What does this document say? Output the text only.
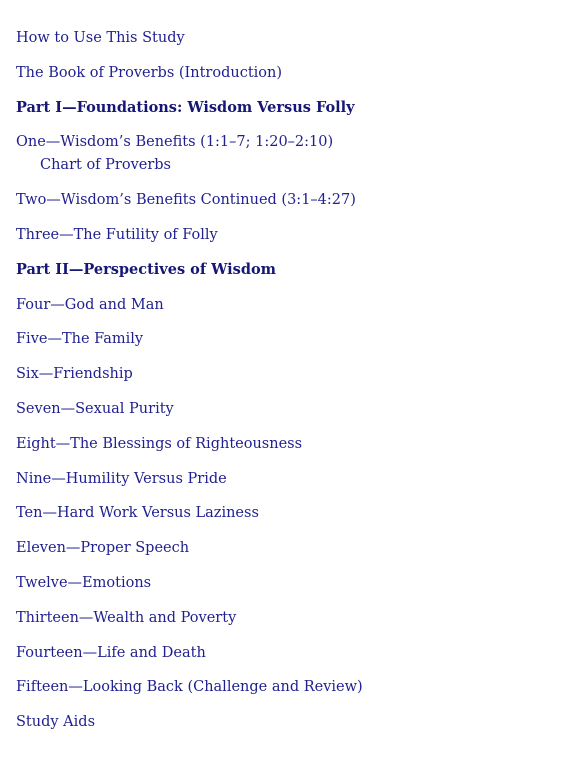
How to Use This Study
The Book of Proverbs (Introduction)
Part I—Foundations: Wisdom Versus Folly
One—Wisdom’s Benefits (1:1–7; 1:20–2:10)
Chart of Proverbs
Two—Wisdom’s Benefits Continued (3:1–4:27)
Three—The Futility of Folly
Part II—Perspectives of Wisdom
Four—God and Man
Five—The Family
Six—Friendship
Seven—Sexual Purity
Eight—The Blessings of Righteousness
Nine—Humility Versus Pride
Ten—Hard Work Versus Laziness
Eleven—Proper Speech
Twelve—Emotions
Thirteen—Wealth and Poverty
Fourteen—Life and Death
Fifteen—Looking Back (Challenge and Review)
Study Aids
